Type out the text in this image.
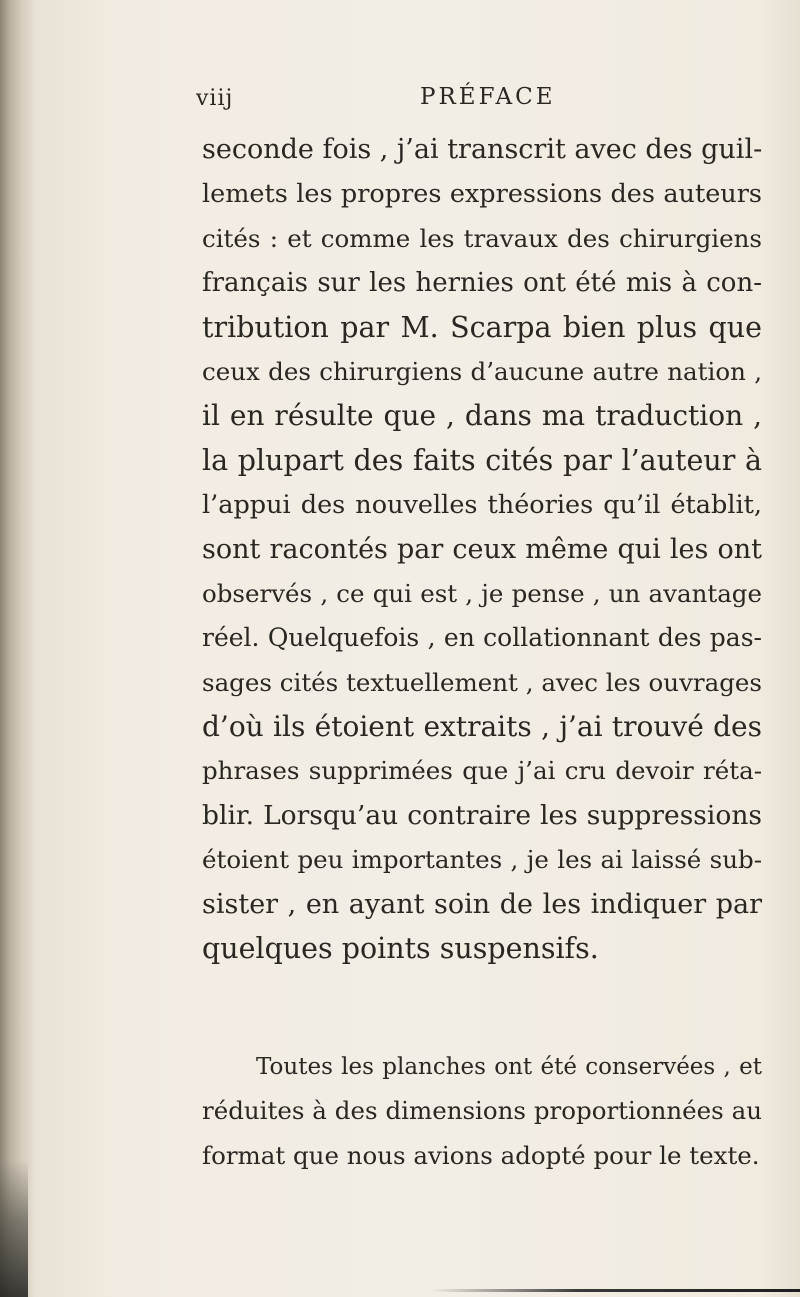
viij	PRÉFACE
seconde fois , j’ai transcrit avec des guil-
lemets les propres expressions des auteurs
cités : et comme les travaux des chirurgiens
français sur les hernies ont été mis à con-
tribution par M. Scarpa bien plus que
ceux des chirurgiens d’aucune autre nation ,
il en résulte que , dans ma traduction ,
la plupart des faits cités par l’auteur à
l’appui des nouvelles théories qu’il établit,
sont racontés par ceux même qui les ont
observés , ce qui est , je pense , un avantage
réel. Quelquefois , en collationnant des pas-
sages cités textuellement , avec les ouvrages
d’où ils étoient extraits , j’ai trouvé des
phrases supprimées que j’ai cru devoir réta-
blir. Lorsqu’au contraire les suppressions
étoient peu importantes , je les ai laissé sub-
sister , en ayant soin de les indiquer par
quelques points suspensifs.
Toutes les planches ont été conservées , et
réduites à des dimensions proportionnées au
format que nous avions adopté pour le texte.
